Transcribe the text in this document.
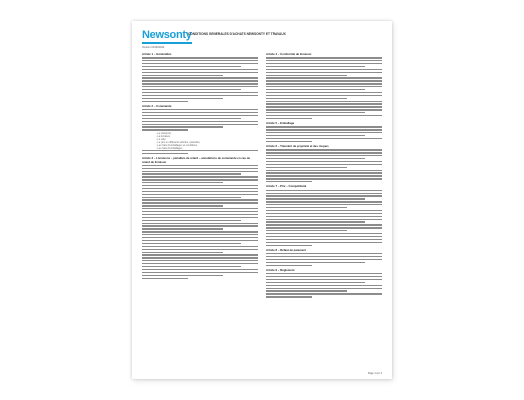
Newsonty
CONDITIONS GENERALES D'ACHATS NEWSONTY ET TRAVAUX
Version 01/06/2022
Article 1 – Généralités
Article 2 – Commande
- Le transport,
- La livraison,
- Le vidé,
- Le prix en différents articles, quantités,
- Les frais d'emballages et conditions,
- Les frais d'emballages
Article 3 – Livraisons – pénalités de retard – annulations de commande en cas de retard de livraison
Article 4 – Conformité de livraison
Article 5 – Emballage
Article 6 – Transfert de propriété et des risques
Article 7 – Prix – Compétitivité
Article 8 – Défaut de paiement
Article 9 – Règlement
Page 1 sur 3
